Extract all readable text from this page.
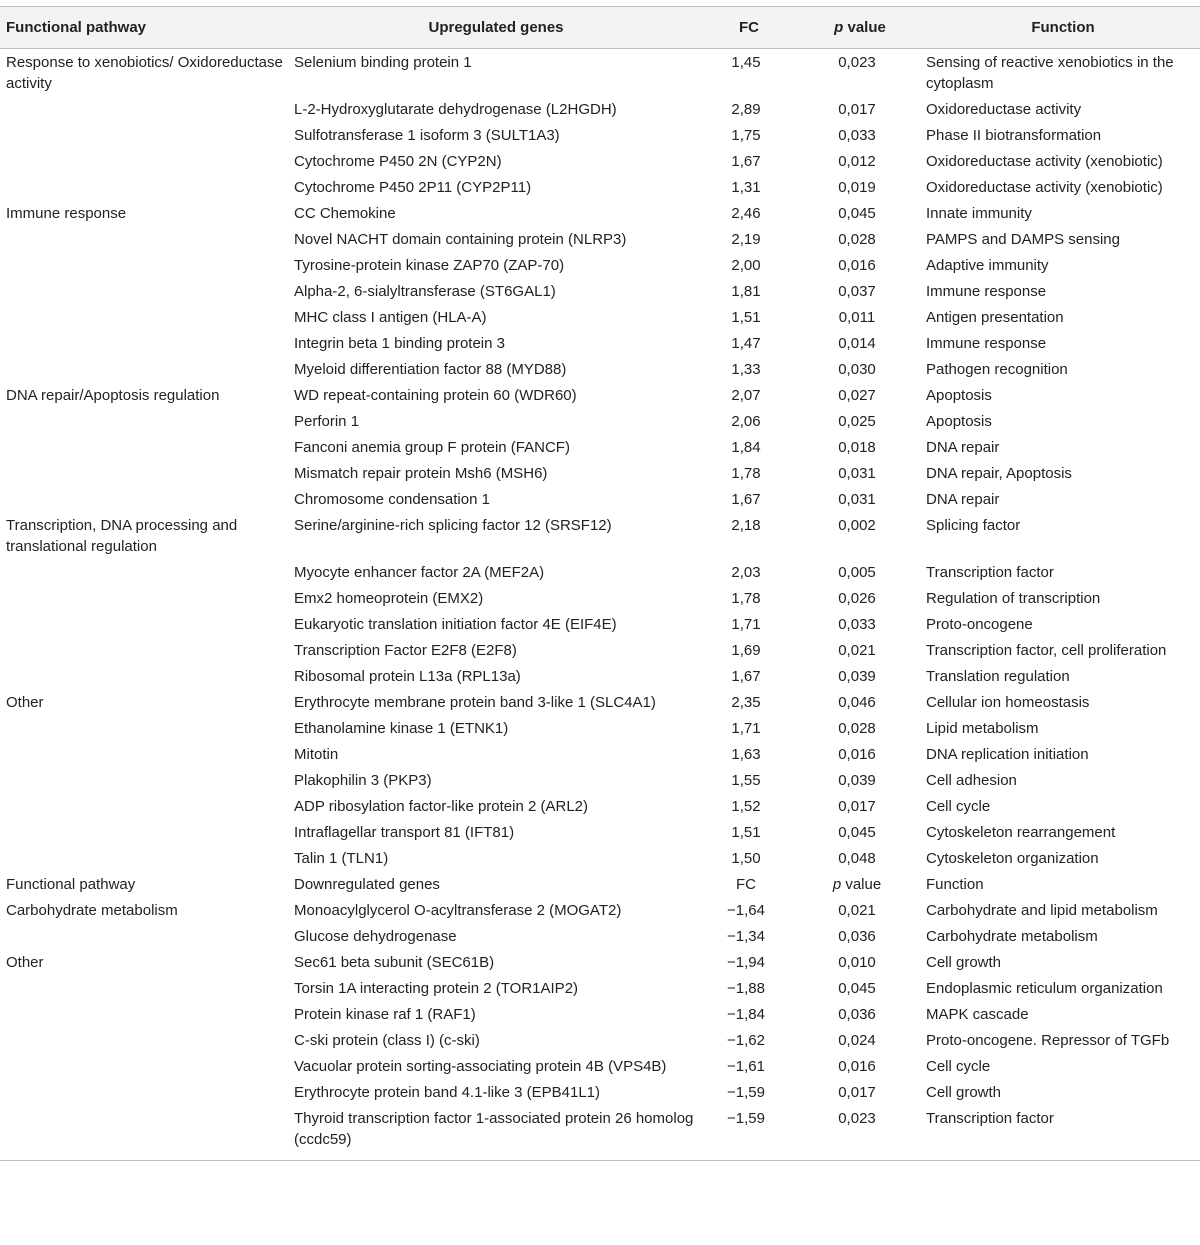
Functional pathway	Upregulated genes	FC	p value	Function
Response to xenobiotics/ Oxidoreductase activity	Selenium binding protein 1	1,45	0,023	Sensing of reactive xenobiotics in the cytoplasm
	L-2-Hydroxyglutarate dehydrogenase (L2HGDH)	2,89	0,017	Oxidoreductase activity
	Sulfotransferase 1 isoform 3 (SULT1A3)	1,75	0,033	Phase II biotransformation
	Cytochrome P450 2N (CYP2N)	1,67	0,012	Oxidoreductase activity (xenobiotic)
	Cytochrome P450 2P11 (CYP2P11)	1,31	0,019	Oxidoreductase activity (xenobiotic)
Immune response	CC Chemokine	2,46	0,045	Innate immunity
	Novel NACHT domain containing protein (NLRP3)	2,19	0,028	PAMPS and DAMPS sensing
	Tyrosine-protein kinase ZAP70 (ZAP-70)	2,00	0,016	Adaptive immunity
	Alpha-2, 6-sialyltransferase (ST6GAL1)	1,81	0,037	Immune response
	MHC class I antigen (HLA-A)	1,51	0,011	Antigen presentation
	Integrin beta 1 binding protein 3	1,47	0,014	Immune response
	Myeloid differentiation factor 88 (MYD88)	1,33	0,030	Pathogen recognition
DNA repair/Apoptosis regulation	WD repeat-containing protein 60 (WDR60)	2,07	0,027	Apoptosis
	Perforin 1	2,06	0,025	Apoptosis
	Fanconi anemia group F protein (FANCF)	1,84	0,018	DNA repair
	Mismatch repair protein Msh6 (MSH6)	1,78	0,031	DNA repair, Apoptosis
	Chromosome condensation 1	1,67	0,031	DNA repair
Transcription, DNA processing and translational regulation	Serine/arginine-rich splicing factor 12 (SRSF12)	2,18	0,002	Splicing factor
	Myocyte enhancer factor 2A (MEF2A)	2,03	0,005	Transcription factor
	Emx2 homeoprotein (EMX2)	1,78	0,026	Regulation of transcription
	Eukaryotic translation initiation factor 4E (EIF4E)	1,71	0,033	Proto-oncogene
	Transcription Factor E2F8 (E2F8)	1,69	0,021	Transcription factor, cell proliferation
	Ribosomal protein L13a (RPL13a)	1,67	0,039	Translation regulation
Other	Erythrocyte membrane protein band 3-like 1 (SLC4A1)	2,35	0,046	Cellular ion homeostasis
	Ethanolamine kinase 1 (ETNK1)	1,71	0,028	Lipid metabolism
	Mitotin	1,63	0,016	DNA replication initiation
	Plakophilin 3 (PKP3)	1,55	0,039	Cell adhesion
	ADP ribosylation factor-like protein 2 (ARL2)	1,52	0,017	Cell cycle
	Intraflagellar transport 81 (IFT81)	1,51	0,045	Cytoskeleton rearrangement
	Talin 1 (TLN1)	1,50	0,048	Cytoskeleton organization
Functional pathway	Downregulated genes	FC	p value	Function
Carbohydrate metabolism	Monoacylglycerol O-acyltransferase 2 (MOGAT2)	−1,64	0,021	Carbohydrate and lipid metabolism
	Glucose dehydrogenase	−1,34	0,036	Carbohydrate metabolism
Other	Sec61 beta subunit (SEC61B)	−1,94	0,010	Cell growth
	Torsin 1A interacting protein 2 (TOR1AIP2)	−1,88	0,045	Endoplasmic reticulum organization
	Protein kinase raf 1 (RAF1)	−1,84	0,036	MAPK cascade
	C-ski protein (class I) (c-ski)	−1,62	0,024	Proto-oncogene. Repressor of TGFb
	Vacuolar protein sorting-associating protein 4B (VPS4B)	−1,61	0,016	Cell cycle
	Erythrocyte protein band 4.1-like 3 (EPB41L1)	−1,59	0,017	Cell growth
	Thyroid transcription factor 1-associated protein 26 homolog (ccdc59)	−1,59	0,023	Transcription factor
